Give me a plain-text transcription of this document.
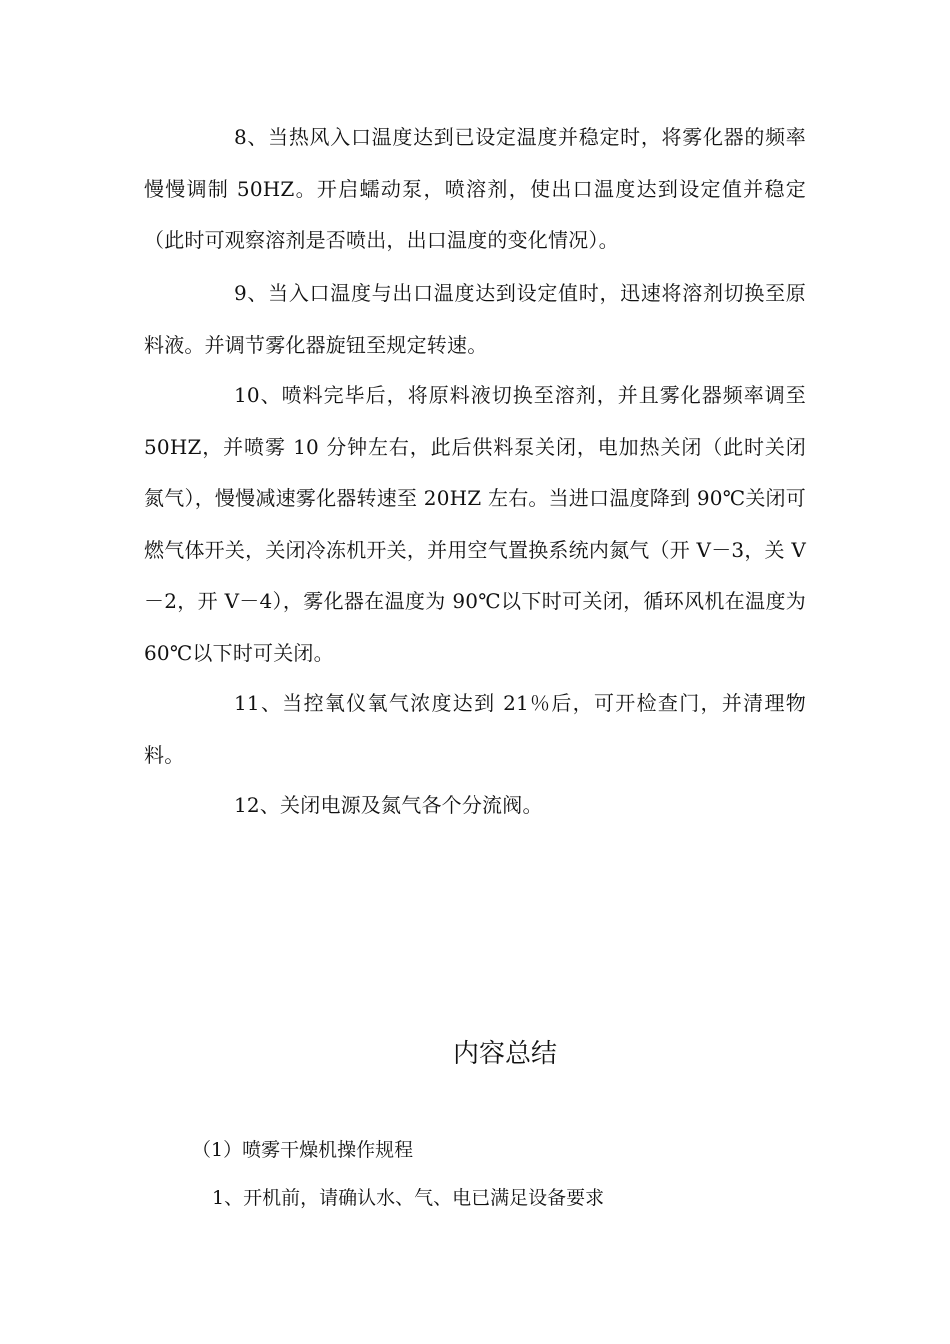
8、当热风入口温度达到已设定温度并稳定时，将雾化器的频率慢慢调制 50HZ。开启蠕动泵，喷溶剂，使出口温度达到设定值并稳定（此时可观察溶剂是否喷出，出口温度的变化情况）。

9、当入口温度与出口温度达到设定值时，迅速将溶剂切换至原料液。并调节雾化器旋钮至规定转速。

10、喷料完毕后，将原料液切换至溶剂，并且雾化器频率调至 50HZ，并喷雾 10 分钟左右，此后供料泵关闭，电加热关闭（此时关闭氮气），慢慢减速雾化器转速至 20HZ 左右。当进口温度降到 90℃关闭可燃气体开关，关闭冷冻机开关，并用空气置换系统内氮气（开 V－3，关 V－2，开 V－4），雾化器在温度为 90℃以下时可关闭，循环风机在温度为 60℃以下时可关闭。

11、当控氧仪氧气浓度达到 21％后，可开检查门，并清理物料。

12、关闭电源及氮气各个分流阀。

内容总结

（1）喷雾干燥机操作规程

1、开机前，请确认水、气、电已满足设备要求
